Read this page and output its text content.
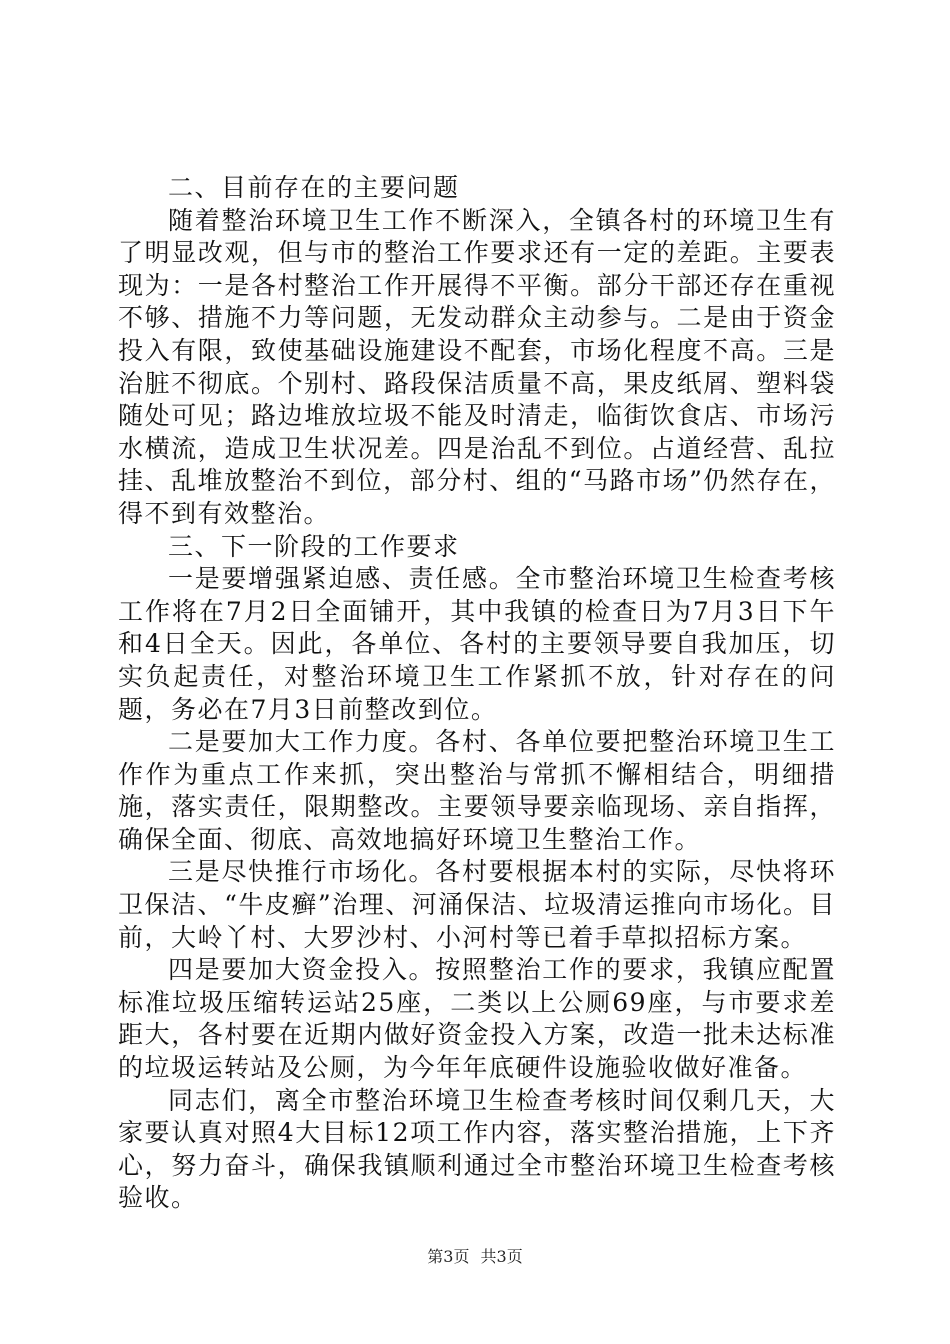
二、目前存在的主要问题

随着整治环境卫生工作不断深入，全镇各村的环境卫生有了明显改观，但与市的整治工作要求还有一定的差距。主要表现为：一是各村整治工作开展得不平衡。部分干部还存在重视不够、措施不力等问题，无发动群众主动参与。二是由于资金投入有限，致使基础设施建设不配套，市场化程度不高。三是治脏不彻底。个别村、路段保洁质量不高，果皮纸屑、塑料袋随处可见；路边堆放垃圾不能及时清走，临街饮食店、市场污水横流，造成卫生状况差。四是治乱不到位。占道经营、乱拉挂、乱堆放整治不到位，部分村、组的“马路市场”仍然存在，得不到有效整治。

三、下一阶段的工作要求

一是要增强紧迫感、责任感。全市整治环境卫生检查考核工作将在7月2日全面铺开，其中我镇的检查日为7月3日下午和4日全天。因此，各单位、各村的主要领导要自我加压，切实负起责任，对整治环境卫生工作紧抓不放，针对存在的问题，务必在7月3日前整改到位。

二是要加大工作力度。各村、各单位要把整治环境卫生工作作为重点工作来抓，突出整治与常抓不懈相结合，明细措施，落实责任，限期整改。主要领导要亲临现场、亲自指挥，确保全面、彻底、高效地搞好环境卫生整治工作。

三是尽快推行市场化。各村要根据本村的实际，尽快将环卫保洁、“牛皮癣”治理、河涌保洁、垃圾清运推向市场化。目前，大岭丫村、大罗沙村、小河村等已着手草拟招标方案。

四是要加大资金投入。按照整治工作的要求，我镇应配置标准垃圾压缩转运站25座，二类以上公厕69座，与市要求差距大，各村要在近期内做好资金投入方案，改造一批未达标准的垃圾运转站及公厕，为今年年底硬件设施验收做好准备。

同志们，离全市整治环境卫生检查考核时间仅剩几天，大家要认真对照4大目标12项工作内容，落实整治措施，上下齐心，努力奋斗，确保我镇顺利通过全市整治环境卫生检查考核验收。

第3页 共3页
